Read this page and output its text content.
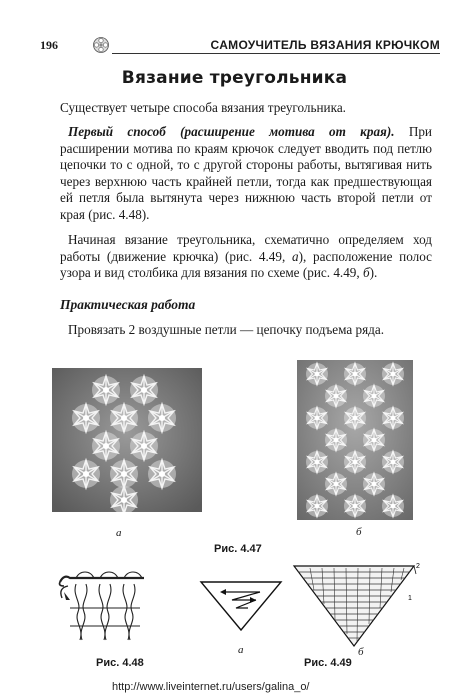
196	САМОУЧИТЕЛЬ ВЯЗАНИЯ КРЮЧКОМ
Вязание треугольника

Существует четыре способа вязания треугольника.

Первый способ (расширение мотива от края). При расширении мотива по краям крючок следует вводить под петлю цепочки то с одной, то с другой стороны работы, вытягивая нить через верхнюю часть крайней петли, тогда как предшествующая ей петля была вытянута через нижнюю часть второй петли от края (рис. 4.48).

Начиная вязание треугольника, схематично определяем ход работы (движение крючка) (рис. 4.49, а), расположение полос узора и вид столбика для вязания по схеме (рис. 4.49, б).

Практическая работа
Провязать 2 воздушные петли — цепочку подъема ряда.
а	б
Рис. 4.47
Рис. 4.48
а
2
1
б
Рис. 4.49
http://www.liveinternet.ru/users/galina_o/
